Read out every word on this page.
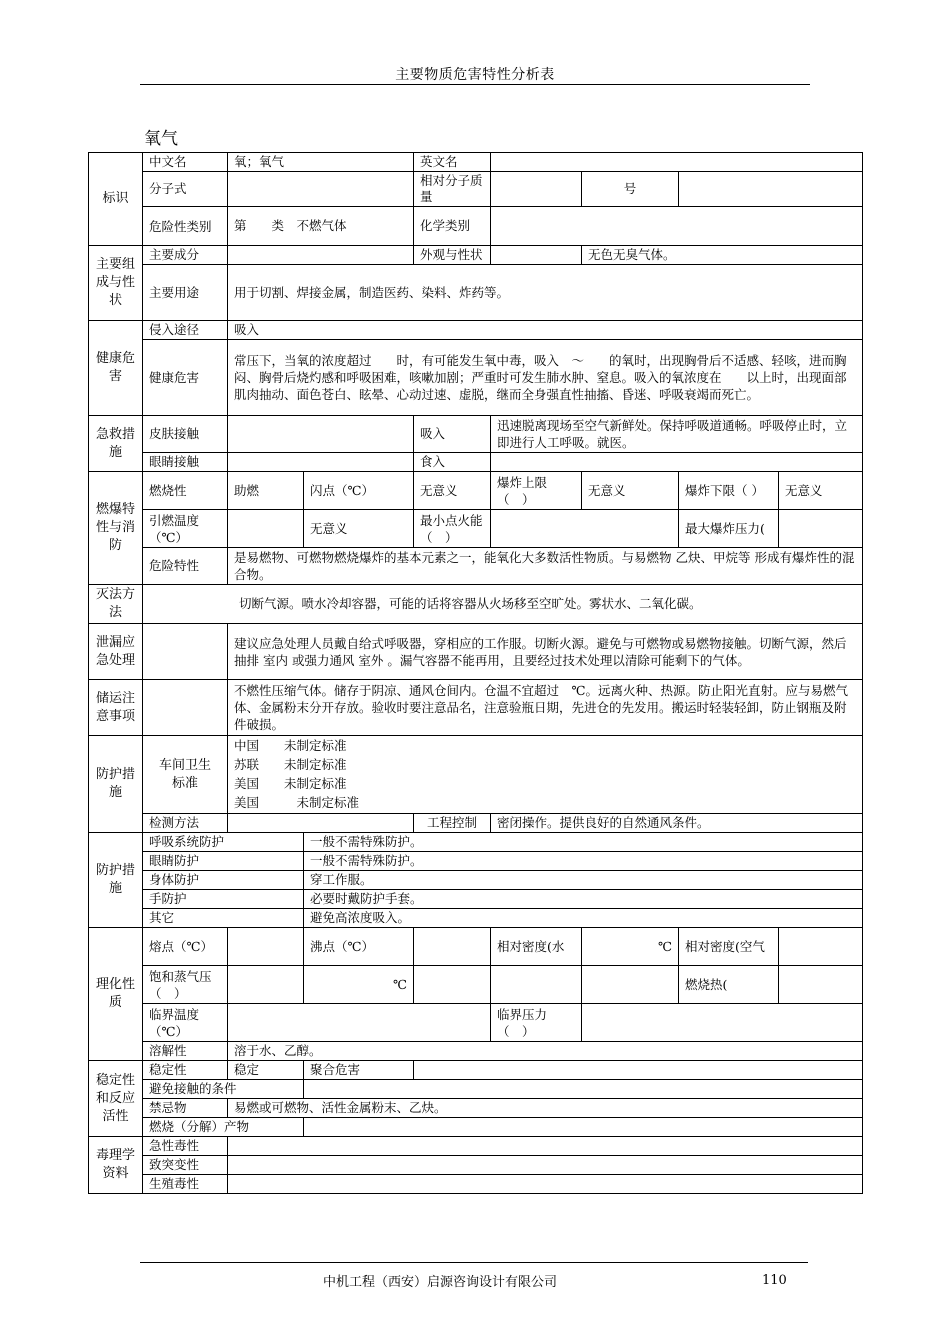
主要物质危害特性分析表
氧气
标识	中文名	氧；氧气		英文名				
	分子式			相对分子质量		号		
	危险性类别	第　　类　不燃气体		化学类别				
主要组成与性状	主要成分			外观与性状		无色无臭气体。		
	主要用途	用于切割、焊接金属，制造医药、染料、炸药等。						
健康危害	侵入途径	吸入						
	健康危害	常压下，当氧的浓度超过　　时，有可能发生氧中毒，吸入　～　　的氧时，出现胸骨后不适感、轻咳，进而胸闷、胸骨后烧灼感和呼吸困难，咳嗽加剧；严重时可发生肺水肿、窒息。吸入的氧浓度在　　以上时，出现面部肌肉抽动、面色苍白、眩晕、心动过速、虚脱，继而全身强直性抽搐、昏迷、呼吸衰竭而死亡。						
急救措施	皮肤接触			吸入	迅速脱离现场至空气新鲜处。保持呼吸道通畅。呼吸停止时，立即进行人工呼吸。就医。			
	眼睛接触			食入				
燃爆特性与消防	燃烧性	助燃	闪点（℃）	无意义	爆炸上限（　）	无意义	爆炸下限（ ）	无意义
	引燃温度（℃）		无意义	最小点火能（　）			最大爆炸压力(	
	危险特性	是易燃物、可燃物燃烧爆炸的基本元素之一，能氧化大多数活性物质。与易燃物 乙炔、甲烷等 形成有爆炸性的混合物。						
灭法方法	切断气源。喷水冷却容器，可能的话将容器从火场移至空旷处。雾状水、二氧化碳。							
泄漏应急处理		建议应急处理人员戴自给式呼吸器，穿相应的工作服。切断火源。避免与可燃物或易燃物接触。切断气源，然后抽排 室内 或强力通风 室外 。漏气容器不能再用，且要经过技术处理以清除可能剩下的气体。						
储运注意事项		不燃性压缩气体。储存于阴凉、通风仓间内。仓温不宜超过　℃。远离火种、热源。防止阳光直射。应与易燃气体、金属粉末分开存放。验收时要注意品名，注意验瓶日期，先进仓的先发用。搬运时轻装轻卸，防止钢瓶及附件破损。						
防护措施	车间卫生标准	中国　　未制定标准
苏联　　未制定标准
美国　　未制定标准
美国　　　未制定标准						

	检测方法			工程控制	密闭操作。提供良好的自然通风条件。			
防护措施	呼吸系统防护		一般不需特殊防护。					
	眼睛防护		一般不需特殊防护。					
	身体防护		穿工作服。					
	手防护		必要时戴防护手套。					
	其它		避免高浓度吸入。					
理化性质	熔点（℃）		沸点（℃）		相对密度(水	℃	相对密度(空气	
	饱和蒸气压（　）		℃				燃烧热(	
	临界温度（℃）				临界压力（　）			
	溶解性	溶于水、乙醇。						
稳定性和反应活性	稳定性	稳定	聚合危害					
	避免接触的条件							
	禁忌物	易燃或可燃物、活性金属粉末、乙炔。						
	燃烧（分解）产物							
毒理学资料	急性毒性							
	致突变性							
	生殖毒性							
中机工程（西安）启源咨询设计有限公司	110
